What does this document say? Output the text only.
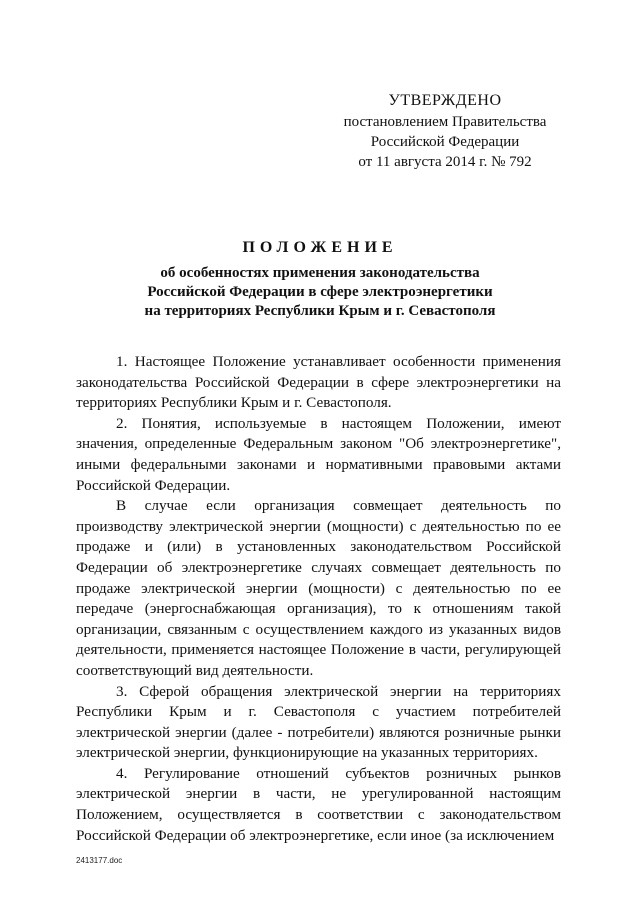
УТВЕРЖДЕНО
постановлением Правительства
Российской Федерации
от 11 августа 2014 г. № 792
ПОЛОЖЕНИЕ
об особенностях применения законодательства
Российской Федерации в сфере электроэнергетики
на территориях Республики Крым и г. Севастополя

1. Настоящее Положение устанавливает особенности применения законодательства Российской Федерации в сфере электроэнергетики на территориях Республики Крым и г. Севастополя.

2. Понятия, используемые в настоящем Положении, имеют значения, определенные Федеральным законом "Об электроэнергетике", иными федеральными законами и нормативными правовыми актами Российской Федерации.

В случае если организация совмещает деятельность по производству электрической энергии (мощности) с деятельностью по ее продаже и (или) в установленных законодательством Российской Федерации об электроэнергетике случаях совмещает деятельность по продаже электрической энергии (мощности) с деятельностью по ее передаче (энергоснабжающая организация), то к отношениям такой организации, связанным с осуществлением каждого из указанных видов деятельности, применяется настоящее Положение в части, регулирующей соответствующий вид деятельности.

3. Сферой обращения электрической энергии на территориях Республики Крым и г. Севастополя с участием потребителей электрической энергии (далее - потребители) являются розничные рынки электрической энергии, функционирующие на указанных территориях.

4. Регулирование отношений субъектов розничных рынков электрической энергии в части, не урегулированной настоящим Положением, осуществляется в соответствии с законодательством Российской Федерации об электроэнергетике, если иное (за исключением

2413177.doc
